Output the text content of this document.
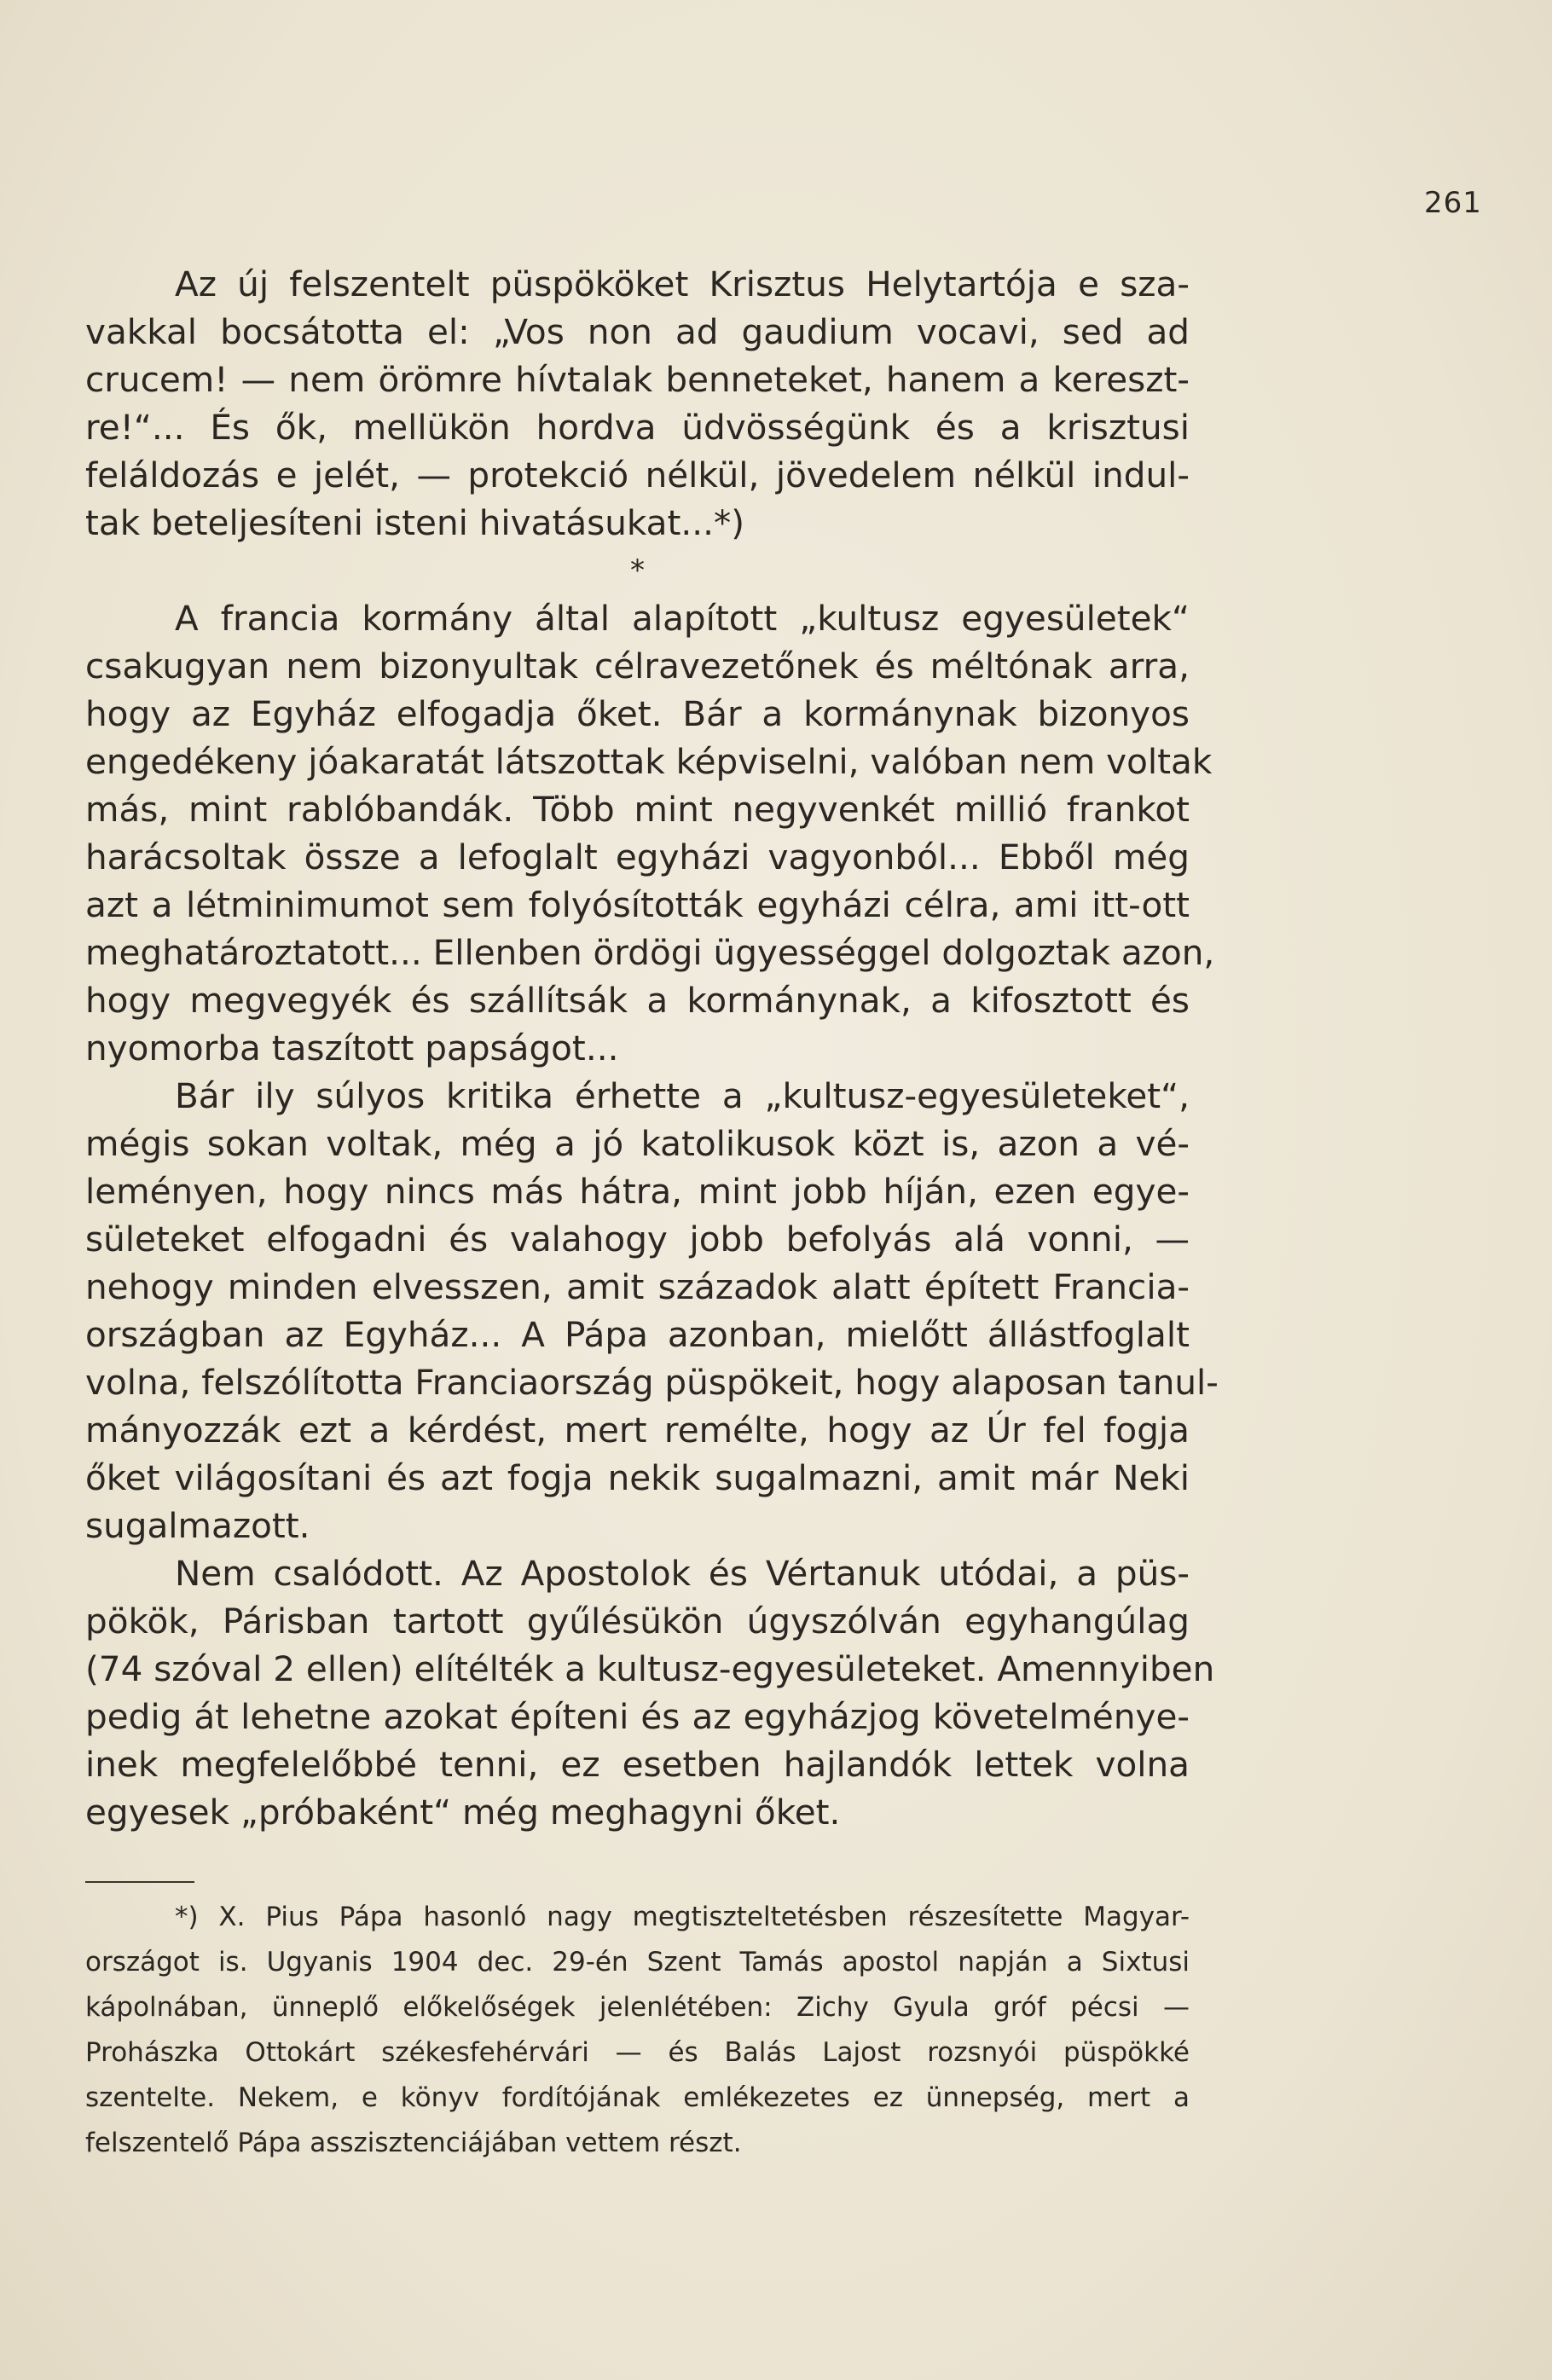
261
Az új felszentelt püspököket Krisztus Helytartója e sza-
vakkal bocsátotta el: „Vos non ad gaudium vocavi, sed ad
crucem! — nem örömre hívtalak benneteket, hanem a kereszt-
re!“... És ők, mellükön hordva üdvösségünk és a krisztusi
feláldozás e jelét, — protekció nélkül, jövedelem nélkül indul-
tak beteljesíteni isteni hivatásukat...*)
*
A francia kormány által alapított „kultusz egyesületek“
csakugyan nem bizonyultak célravezetőnek és méltónak arra,
hogy az Egyház elfogadja őket. Bár a kormánynak bizonyos
engedékeny jóakaratát látszottak képviselni, valóban nem voltak
más, mint rablóbandák. Több mint negyvenkét millió frankot
harácsoltak össze a lefoglalt egyházi vagyonból... Ebből még
azt a létminimumot sem folyósították egyházi célra, ami itt-ott
meghatároztatott... Ellenben ördögi ügyességgel dolgoztak azon,
hogy megvegyék és szállítsák a kormánynak, a kifosztott és
nyomorba taszított papságot...
Bár ily súlyos kritika érhette a „kultusz-egyesületeket“,
mégis sokan voltak, még a jó katolikusok közt is, azon a vé-
leményen, hogy nincs más hátra, mint jobb híján, ezen egye-
sületeket elfogadni és valahogy jobb befolyás alá vonni, —
nehogy minden elvesszen, amit századok alatt épített Francia-
országban az Egyház... A Pápa azonban, mielőtt állástfoglalt
volna, felszólította Franciaország püspökeit, hogy alaposan tanul-
mányozzák ezt a kérdést, mert remélte, hogy az Úr fel fogja
őket világosítani és azt fogja nekik sugalmazni, amit már Neki
sugalmazott.
Nem csalódott. Az Apostolok és Vértanuk utódai, a püs-
pökök, Párisban tartott gyűlésükön úgyszólván egyhangúlag
(74 szóval 2 ellen) elítélték a kultusz-egyesületeket. Amennyiben
pedig át lehetne azokat építeni és az egyházjog követelménye-
inek megfelelőbbé tenni, ez esetben hajlandók lettek volna
egyesek „próbaként“ még meghagyni őket.
*) X. Pius Pápa hasonló nagy megtiszteltetésben részesítette Magyar-
országot is. Ugyanis 1904 dec. 29-én Szent Tamás apostol napján a Sixtusi
kápolnában, ünneplő előkelőségek jelenlétében: Zichy Gyula gróf pécsi —
Prohászka Ottokárt székesfehérvári — és Balás Lajost rozsnyói püspökké
szentelte. Nekem, e könyv fordítójának emlékezetes ez ünnepség, mert a
felszentelő Pápa asszisztenciájában vettem részt.
